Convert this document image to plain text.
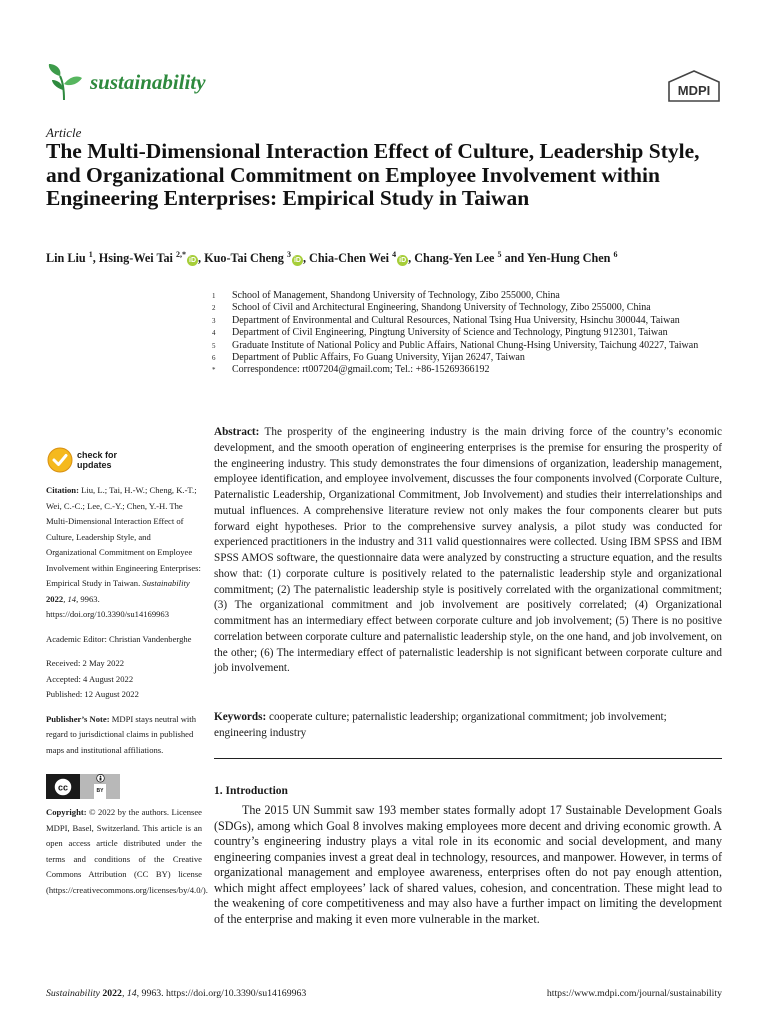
sustainability	MDPI
Article
The Multi-Dimensional Interaction Effect of Culture, Leadership Style, and Organizational Commitment on Employee Involvement within Engineering Enterprises: Empirical Study in Taiwan
Lin Liu $^1$, Hsing-Wei Tai $^{2,*}$iD , Kuo-Tai Cheng $^3$iD , Chia-Chen Wei $^4$iD , Chang-Yen Lee $^5$ and Yen-Hung Chen $^6$
1	School of Management, Shandong University of Technology, Zibo 255000, China
2	School of Civil and Architectural Engineering, Shandong University of Technology, Zibo 255000, China
3	Department of Environmental and Cultural Resources, National Tsing Hua University, Hsinchu 300044, Taiwan
4	Department of Civil Engineering, Pingtung University of Science and Technology, Pingtung 912301, Taiwan
5	Graduate Institute of National Policy and Public Affairs, National Chung-Hsing University, Taichung 40227, Taiwan
6	Department of Public Affairs, Fo Guang University, Yijan 26247, Taiwan
*	Correspondence: rt007204@gmail.com; Tel.: +86-15269366192
check for
updates
Citation: Liu, L.; Tai, H.-W.; Cheng, K.-T.; Wei, C.-C.; Lee, C.-Y.; Chen, Y.-H. The Multi-Dimensional Interaction Effect of Culture, Leadership Style, and Organizational Commitment on Employee Involvement within Engineering Enterprises: Empirical Study in Taiwan. Sustainability 2022, 14, 9963. https://doi.org/10.3390/su14169963
Academic Editor: Christian Vandenberghe
Received: 2 May 2022
Accepted: 4 August 2022
Published: 12 August 2022
Publisher’s Note: MDPI stays neutral with regard to jurisdictional claims in published maps and institutional affiliations.
cc	BY
Copyright: © 2022 by the authors. Licensee MDPI, Basel, Switzerland. This article is an open access article distributed under the terms and conditions of the Creative Commons Attribution (CC BY) license (https://creativecommons.org/licenses/by/4.0/).
Abstract: The prosperity of the engineering industry is the main driving force of the country’s economic development, and the smooth operation of engineering enterprises is the premise for ensuring the prosperity of the engineering industry. This study demonstrates the four dimensions of organization, leadership management, employee identification, and employee involvement, discusses the four components involved (Corporate Culture, Paternalistic Leadership, Organizational Commitment, Job Involvement) and studies their interrelationships and mutual influences. A comprehensive literature review not only makes the four components clearer but puts forward eight hypotheses. Prior to the comprehensive survey analysis, a pilot study was conducted for experienced practitioners in the industry and 311 valid questionnaires were collected. Using IBM SPSS and IBM SPSS AMOS software, the questionnaire data were analyzed by constructing a structure equation, and the results show that: (1) corporate culture is positively related to the paternalistic leadership style and organizational commitment; (2) The paternalistic leadership style is positively correlated with the organizational commitment; (3) The organizational commitment and job involvement are positively correlated; (4) Organizational commitment has an intermediary effect between corporate culture and job involvement; (5) There is no positive correlation between corporate culture and paternalistic leadership style, on the one hand, and job involvement, on the other; (6) The intermediary effect of paternalistic leadership is not significant between corporate culture and job involvement.
Keywords: cooperate culture; paternalistic leadership; organizational commitment; job involvement; engineering industry
1. Introduction

The 2015 UN Summit saw 193 member states formally adopt 17 Sustainable Development Goals (SDGs), among which Goal 8 involves making employees more decent and driving economic growth. A country’s engineering industry plays a vital role in its economic and social development, and many engineering companies invest a great deal in technology, resources, and manpower. However, in terms of organizational management and employee awareness, enterprises often do not pay enough attention, which might affect employees’ lack of shared values, cohesion, and concentration. These might lead to the weakening of core competitiveness and may also have a further impact on limiting the development of the enterprise and making it even more vulnerable in the market.

Sustainability 2022, 14, 9963. https://doi.org/10.3390/su14169963	https://www.mdpi.com/journal/sustainability
